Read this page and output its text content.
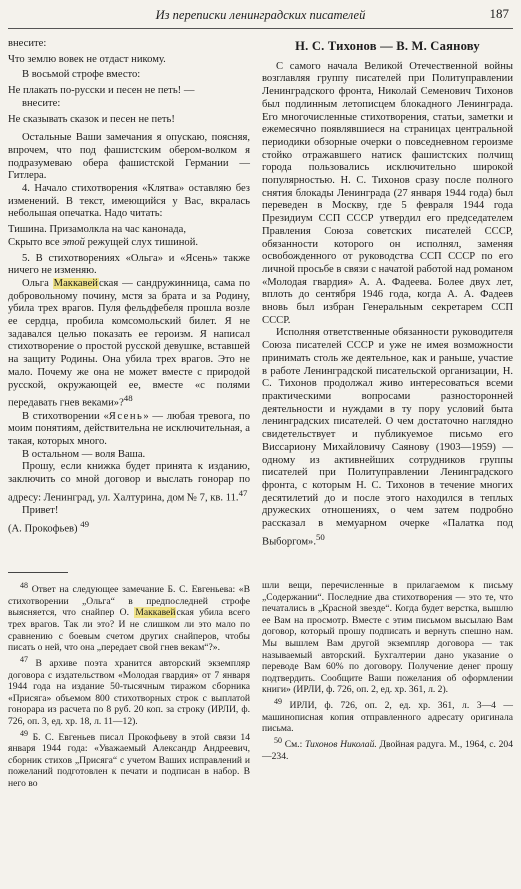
Из переписки ленинградских писателей	187

внесите:

Что землю вовек не отдаст никому.

В восьмой строфе вместо:

Не плакать по-русски и песен не петь! —

внесите:

Не сказывать сказок и песен не петь!

Остальные Ваши замечания я опускаю, поясняя, впрочем, что под фашистским обером-волком я подразумеваю обера фашистской Германии — Гитлера.

4. Начало стихотворения «Клятва» оставляю без изменений. В текст, имеющийся у Вас, вкралась небольшая опечатка. Надо читать:

Тишина. Призамолкла на час канонада,

Скрыто все этой режущей слух тишиной.

5. В стихотворениях «Ольга» и «Ясень» также ничего не изменяю.

Ольга Маккавейская — сандружинница, сама по добровольному почину, мстя за брата и за Родину, убила трех врагов. Пуля фельдфебеля прошла возле ее сердца, пробила комсомольский билет. Я не задавался целью показать ее героизм. Я написал стихотворение о простой русской девушке, вставшей на защиту Родины. Она убила трех врагов. Это не мало. Почему же она не может вместе с природой русской, окружающей ее, вместе «с полями передавать гнев веками»?$^{48}$

В стихотворении «Ясень» — любая тревога, по моим понятиям, действительна не исключительная, а такая, которых много.

В остальном — воля Ваша.

Прошу, если книжка будет принята к изданию, заключить со мной договор и выслать гонорар по адресу: Ленинград, ул. Халтурина, дом № 7, кв. 11.47

Привет!

(А. Прокофьев) $^{49}$

Н. С. Тихонов — В. М. Саянову

С самого начала Великой Отечественной войны возглавляя группу писателей при Политуправлении Ленинградского фронта, Николай Семенович Тихонов был подлинным летописцем блокадного Ленинграда. Его многочисленные стихотворения, статьи, заметки и ежемесячно появлявшиеся на страницах центральной периодики обзорные очерки о повседневном героизме стойко отражавшего натиск фашистских полчищ города пользовались исключительно широкой популярностью. Н. С. Тихонов сразу после полного снятия блокады Ленинграда (27 января 1944 года) был переведен в Москву, где 5 февраля 1944 года Президиум ССП СССР утвердил его председателем Правления Союза советских писателей СССР, обязанности которого он исполнял, заменяя освобожденного от руководства ССП СССР по его личной просьбе в связи с начатой работой над романом «Молодая гвардия» А. А. Фадеева. Более двух лет, вплоть до сентября 1946 года, когда А. А. Фадеев вновь был избран Генеральным секретарем ССП СССР.

Исполняя ответственные обязанности руководителя Союза писателей СССР и уже не имея возможности принимать столь же деятельное, как и раньше, участие в работе Ленинградской писательской организации, Н. С. Тихонов продолжал живо интересоваться всеми практическими вопросами разносторонней деятельности и нуждами в ту пору условий быта ленинградских писателей. О чем достаточно наглядно свидетельствует и публикуемое письмо его Виссариону Михайловичу Саянову (1903—1959) — одному из активнейших сотрудников группы писателей при Политуправлении Ленинградского фронта, с которым Н. С. Тихонов в течение многих десятилетий до и после этого находился в теплых дружеских отношениях, о чем затем подробно рассказал в мемуарном очерке «Палатка под Выборгом».$^{50}$

$^{48}$ Ответ на следующее замечание Б. С. Евгеньева: «В стихотворении „Ольга“ в предпоследней строфе выясняется, что снайпер О. Маккавейская убила всего трех врагов. Так ли это? И не слишком ли это мало по сравнению с боевым счетом других снайперов, чтобы писать о ней, что она „передает свой гнев векам“?».

$^{47}$ В архиве поэта хранится авторский экземпляр договора с издательством «Молодая гвардия» от 7 января 1944 года на издание 50-тысячным тиражом сборника «Присяга» объемом 800 стихотворных строк с выплатой гонорара из расчета по 8 руб. 20 коп. за строку (ИРЛИ, ф. 726, оп. 3, ед. хр. 18, л. 11—12).

$^{49}$ Б. С. Евгеньев писал Прокофьеву в этой связи 14 января 1944 года: «Уважаемый Александр Андреевич, сборник стихов „Присяга“ с учетом Ваших исправлений и пожеланий подготовлен к печати и подписан в набор. В него во

шли вещи, перечисленные в прилагаемом к письму „Содержании“. Последние два стихотворения — это те, что печатались в „Красной звезде“. Когда будет верстка, вышлю ее Вам на просмотр. Вместе с этим письмом высылаю Вам договор, который прошу подписать и вернуть спешно нам. Мы вышлем Вам другой экземпляр договора — так называемый авторский. Бухгалтерии дано указание о переводе Вам 60% по договору. Получение денег прошу подтвердить. Сообщите Ваши пожелания об оформлении книги» (ИРЛИ, ф. 726, оп. 2, ед. хр. 361, л. 2).

$^{49}$ ИРЛИ, ф. 726, оп. 2, ед. хр. 361, л. 3—4 — машинописная копия отправленного адресату оригинала письма.

$^{50}$ См.: Тихонов Николай. Двойная радуга. М., 1964, с. 204—234.
